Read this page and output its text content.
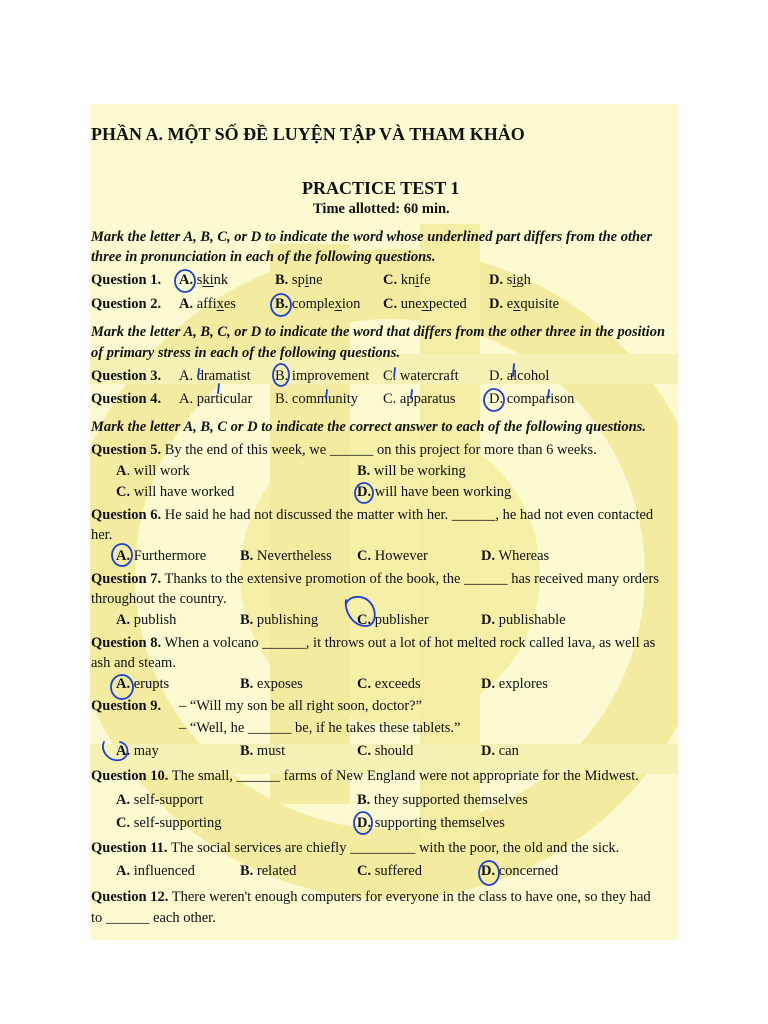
PHẦN A. MỘT SỐ ĐỀ LUYỆN TẬP VÀ THAM KHẢO
PRACTICE TEST 1
Time allotted: 60 min.
Mark the letter A, B, C, or D to indicate the word whose underlined part differs from the other
three in pronunciation in each of the following questions.
Question 1. A. skink	B. spine	C. knife	D. sigh
Question 2. A. affixes	B. complexion C. unexpected D. exquisite
Mark the letter A, B, C, or D to indicate the word that differs from the other three in the position
of primary stress in each of the following questions.
Question 3. A. dramatist B. improvement C. watercraft D. alcohol
Question 4. A. particular B. community C. apparatus D. comparison
Mark the letter A, B, C or D to indicate the correct answer to each of the following questions.
Question 5. By the end of this week, we ______ on this project for more than 6 weeks.
A. will work	B. will be working
C. will have worked	D. will have been working
Question 6. He said he had not discussed the matter with her. ______, he had not even contacted
her.
A. Furthermore B. Nevertheless C. However	D. Whereas
Question 7. Thanks to the extensive promotion of the book, the ______ has received many orders
throughout the country.
A. publish	B. publishing	C. publisher	D. publishable
Question 8. When a volcano ______, it throws out a lot of hot melted rock called lava, as well as
ash and steam.
A. erupts	B. exposes	C. exceeds	D. explores
Question 9. – “Will my son be all right soon, doctor?”
– “Well, he ______ be, if he takes these tablets.”
A. may	B. must	C. should	D. can
Question 10. The small, ______ farms of New England were not appropriate for the Midwest.
A. self-support	B. they supported themselves
C. self-supporting	D. supporting themselves
Question 11. The social services are chiefly _________ with the poor, the old and the sick.
A. influenced	B. related	C. suffered	D. concerned
Question 12. There weren't enough computers for everyone in the class to have one, so they had
to ______ each other.
